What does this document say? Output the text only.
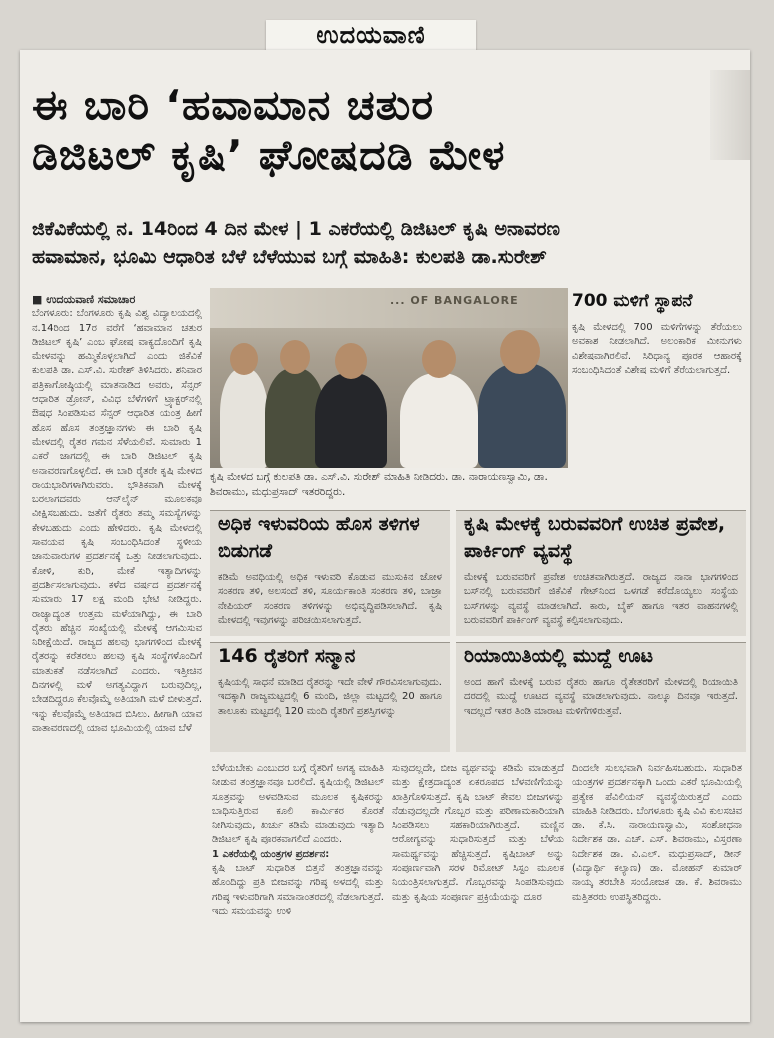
ಉದಯವಾಣಿ
ಈ ಬಾರಿ ‘ಹವಾಮಾನ ಚತುರ
ಡಿಜಿಟಲ್ ಕೃಷಿ’ ಘೋಷದಡಿ ಮೇಳ
ಜಿಕೆವಿಕೆಯಲ್ಲಿ ನ. 14ರಿಂದ 4 ದಿನ ಮೇಳ | 1 ಎಕರೆಯಲ್ಲಿ ಡಿಜಿಟಲ್ ಕೃಷಿ ಅನಾವರಣ
ಹವಾಮಾನ, ಭೂಮಿ ಆಧಾರಿತ ಬೆಳೆ ಬೆಳೆಯುವ ಬಗ್ಗೆ ಮಾಹಿತಿ: ಕುಲಪತಿ ಡಾ.ಸುರೇಶ್
■ ಉದಯವಾಣಿ ಸಮಾಚಾರ
ಬೆಂಗಳೂರು: ಬೆಂಗಳೂರು ಕೃಷಿ ವಿಶ್ವ ವಿದ್ಯಾಲಯದಲ್ಲಿ ನ.14ರಿಂದ 17ರ ವರೆಗೆ ‘ಹವಾಮಾನ ಚತುರ ಡಿಜಿಟಲ್ ಕೃಷಿ’ ಎಂಬ ಘೋಷ ವಾಕ್ಯದೊಂದಿಗೆ ಕೃಷಿ ಮೇಳವನ್ನು ಹಮ್ಮಿಕೊಳ್ಳಲಾಗಿದೆ ಎಂದು ಜಿಕೆವಿಕೆ ಕುಲಪತಿ ಡಾ. ಎಸ್.ವಿ. ಸುರೇಶ್ ತಿಳಿಸಿದರು. ಶನಿವಾರ ಪತ್ರಿಕಾಗೋಷ್ಠಿಯಲ್ಲಿ ಮಾತನಾಡಿದ ಅವರು, ಸೆನ್ಸರ್ ಆಧಾರಿತ ಡ್ರೋನ್, ವಿವಿಧ ಬೆಳೆಗಳಿಗೆ ಟ್ರ್ಯಾಕ್ಟರ್‌ನಲ್ಲಿ ಔಷಧ ಸಿಂಪಡಿಸುವ ಸೆನ್ಸರ್ ಆಧಾರಿತ ಯಂತ್ರ ಹೀಗೆ ಹೊಸ ಹೊಸ ತಂತ್ರಜ್ಞಾನಗಳು ಈ ಬಾರಿ ಕೃಷಿ ಮೇಳದಲ್ಲಿ ರೈತರ ಗಮನ ಸೆಳೆಯಲಿವೆ. ಸುಮಾರು 1 ಎಕರೆ ಜಾಗದಲ್ಲಿ ಈ ಬಾರಿ ಡಿಜಿಟಲ್ ಕೃಷಿ ಅನಾವರಣಗೊಳ್ಳಲಿದೆ. ಈ ಬಾರಿ ರೈತರೇ ಕೃಷಿ ಮೇಳದ ರಾಯಭಾರಿಗಳಾಗಿರುವರು. ಭೌತಿಕವಾಗಿ ಮೇಳಕ್ಕೆ ಬರಲಾಗದವರು ಆನ್‌ಲೈನ್ ಮೂಲಕವೂ ವೀಕ್ಷಿಸಬಹುದು. ಜತೆಗೆ ರೈತರು ತಮ್ಮ ಸಮಸ್ಯೆಗಳನ್ನು ಕೇಳಬಹುದು ಎಂದು ಹೇಳಿದರು. ಕೃಷಿ ಮೇಳದಲ್ಲಿ ಸಾವಯವ ಕೃಷಿ ಸಂಬಂಧಿಸಿದಂತೆ ಸ್ಥಳೀಯ ಜಾನುವಾರುಗಳ ಪ್ರದರ್ಶನಕ್ಕೆ ಒತ್ತು ನೀಡಲಾಗುವುದು. ಕೋಳಿ, ಕುರಿ, ಮೇಕೆ ಇತ್ಯಾದಿಗಳನ್ನು ಪ್ರದರ್ಶಿಸಲಾಗುವುದು. ಕಳೆದ ವರ್ಷದ ಪ್ರದರ್ಶನಕ್ಕೆ ಸುಮಾರು 17 ಲಕ್ಷ ಮಂದಿ ಭೇಟಿ ನೀಡಿದ್ದರು. ರಾಜ್ಯಾದ್ಯಂತ ಉತ್ತಮ ಮಳೆಯಾಗಿದ್ದು, ಈ ಬಾರಿ ರೈತರು ಹೆಚ್ಚಿನ ಸಂಖ್ಯೆಯಲ್ಲಿ ಮೇಳಕ್ಕೆ ಆಗಮಿಸುವ ನಿರೀಕ್ಷೆಯಿದೆ. ರಾಜ್ಯದ ಹಲವು ಭಾಗಗಳಿಂದ ಮೇಳಕ್ಕೆ ರೈತರನ್ನು ಕರೆತರಲು ಹಲವು ಕೃಷಿ ಸಂಸ್ಥೆಗಳೊಂದಿಗೆ ಮಾತುಕತೆ ನಡೆಸಲಾಗಿದೆ ಎಂದರು. ಇತ್ತೀಚಿನ ದಿನಗಳಲ್ಲಿ ಮಳೆ ಅಗತ್ಯವಿದ್ದಾಗ ಬರುವುದಿಲ್ಲ, ಬೇಡದಿದ್ದರೂ ಕೆಲವೊಮ್ಮೆ ಅತಿಯಾಗಿ ಮಳೆ ಬೀಳುತ್ತದೆ. ಇನ್ನು ಕೆಲವೊಮ್ಮೆ ಅತಿಯಾದ ಬಿಸಿಲು. ಹೀಗಾಗಿ ಯಾವ ವಾತಾವರಣದಲ್ಲಿ ಯಾವ ಭೂಮಿಯಲ್ಲಿ ಯಾವ ಬೆಳೆ
... OF BANGALORE
ಕೃಷಿ ಮೇಳದ ಬಗ್ಗೆ ಕುಲಪತಿ ಡಾ. ಎಸ್.ವಿ. ಸುರೇಶ್ ಮಾಹಿತಿ ನೀಡಿದರು. ಡಾ. ನಾರಾಯಣಸ್ವಾಮಿ, ಡಾ. ಶಿವರಾಮು, ಮಧುಪ್ರಸಾದ್ ಇತರರಿದ್ದರು.
700 ಮಳಿಗೆ ಸ್ಥಾಪನೆ
ಕೃಷಿ ಮೇಳದಲ್ಲಿ 700 ಮಳಿಗೆಗಳನ್ನು ತೆರೆಯಲು ಅವಕಾಶ ನೀಡಲಾಗಿದೆ. ಅಲಂಕಾರಿಕ ಮೀನುಗಳು ವಿಶೇಷವಾಗಿರಲಿವೆ. ಸಿರಿಧಾನ್ಯ ಪೂರಕ ಆಹಾರಕ್ಕೆ ಸಂಬಂಧಿಸಿದಂತೆ ವಿಶೇಷ ಮಳಿಗೆ ತೆರೆಯಲಾಗುತ್ತದೆ.
ಅಧಿಕ ಇಳುವರಿಯ ಹೊಸ ತಳಿಗಳ ಬಿಡುಗಡೆ
ಕಡಿಮೆ ಅವಧಿಯಲ್ಲಿ ಅಧಿಕ ಇಳುವರಿ ಕೊಡುವ ಮುಸುಕಿನ ಜೋಳ ಸಂಕರಣ ತಳಿ, ಅಲಸಂದೆ ತಳಿ, ಸೂರ್ಯಕಾಂತಿ ಸಂಕರಣ ತಳಿ, ಬಾಜ್ರಾ ನೇಪಿಯರ್ ಸಂಕರಣ ತಳಿಗಳನ್ನು ಅಭಿವೃದ್ಧಿಪಡಿಸಲಾಗಿದೆ. ಕೃಷಿ ಮೇಳದಲ್ಲಿ ಇವುಗಳನ್ನು ಪರಿಚಯಿಸಲಾಗುತ್ತದೆ.
ಕೃಷಿ ಮೇಳಕ್ಕೆ ಬರುವವರಿಗೆ ಉಚಿತ ಪ್ರವೇಶ, ಪಾರ್ಕಿಂಗ್ ವ್ಯವಸ್ಥೆ
ಮೇಳಕ್ಕೆ ಬರುವವರಿಗೆ ಪ್ರವೇಶ ಉಚಿತವಾಗಿರುತ್ತದೆ. ರಾಜ್ಯದ ನಾನಾ ಭಾಗಗಳಿಂದ ಬಸ್‌ನಲ್ಲಿ ಬರುವವರಿಗೆ ಜಿಕೆವಿಕೆ ಗೇಟ್‌ನಿಂದ ಒಳಗಡೆ ಕರೆದೊಯ್ಯಲು ಸಂಸ್ಥೆಯ ಬಸ್‌ಗಳನ್ನು ವ್ಯವಸ್ಥೆ ಮಾಡಲಾಗಿದೆ. ಕಾರು, ಬೈಕ್ ಹಾಗೂ ಇತರ ವಾಹನಗಳಲ್ಲಿ ಬರುವವರಿಗೆ ಪಾರ್ಕಿಂಗ್ ವ್ಯವಸ್ಥೆ ಕಲ್ಪಿಸಲಾಗುವುದು.
146 ರೈತರಿಗೆ ಸನ್ಮಾನ
ಕೃಷಿಯಲ್ಲಿ ಸಾಧನೆ ಮಾಡಿದ ರೈತರನ್ನು ಇದೇ ವೇಳೆ ಗೌರವಿಸಲಾಗುವುದು. ಇದಕ್ಕಾಗಿ ರಾಜ್ಯಮಟ್ಟದಲ್ಲಿ 6 ಮಂದಿ, ಜಿಲ್ಲಾ ಮಟ್ಟದಲ್ಲಿ 20 ಹಾಗೂ ತಾಲೂಕು ಮಟ್ಟದಲ್ಲಿ 120 ಮಂದಿ ರೈತರಿಗೆ ಪ್ರಶಸ್ತಿಗಳನ್ನು
ರಿಯಾಯಿತಿಯಲ್ಲಿ ಮುದ್ದೆ ಊಟ
ಅಂದ ಹಾಗೆ ಮೇಳಕ್ಕೆ ಬರುವ ರೈತರು ಹಾಗೂ ರೈತೇತರರಿಗೆ ಮೇಳದಲ್ಲಿ ರಿಯಾಯಿತಿ ದರದಲ್ಲಿ ಮುದ್ದೆ ಊಟದ ವ್ಯವಸ್ಥೆ ಮಾಡಲಾಗುವುದು. ನಾಲ್ಕೂ ದಿನವೂ ಇರುತ್ತದೆ. ಇದಲ್ಲದೆ ಇತರ ತಿಂಡಿ ಮಾರಾಟ ಮಳಿಗೆಗಳಿರುತ್ತವೆ.
ಬೆಳೆಯಬೇಕು ಎಂಬುದರ ಬಗ್ಗೆ ರೈತರಿಗೆ ಅಗತ್ಯ ಮಾಹಿತಿ ನೀಡುವ ತಂತ್ರಜ್ಞಾನವೂ ಬರಲಿದೆ. ಕೃಷಿಯಲ್ಲಿ ಡಿಜಿಟಲ್ ಸೂತ್ರವನ್ನು ಅಳವಡಿಸುವ ಮೂಲಕ ಕೃಷಿಕರನ್ನು ಬಾಧಿಸುತ್ತಿರುವ ಕೂಲಿ ಕಾರ್ಮಿಕರ ಕೊರತೆ ನೀಗಿಸುವುದು, ಖರ್ಚು ಕಡಿಮೆ ಮಾಡುವುದು ಇತ್ಯಾದಿ ಡಿಜಿಟಲ್ ಕೃಷಿ ಪೂರಕವಾಗಲಿದೆ ಎಂದರು.
1 ಎಕರೆಯಲ್ಲಿ ಯಂತ್ರಗಳ ಪ್ರದರ್ಶನ:
ಕೃಷಿ ಬಾಟ್ ಸುಧಾರಿತ ಬಿತ್ತನೆ ತಂತ್ರಜ್ಞಾನವನ್ನು ಹೊಂದಿದ್ದು ಪ್ರತಿ ಬೀಜವನ್ನು ಗರಿಷ್ಠ ಅಳದಲ್ಲಿ ಮತ್ತು ಗರಿಷ್ಠ ಇಳುವರಿಗಾಗಿ ಸಮಾನಾಂತರದಲ್ಲಿ ನೆಡಲಾಗುತ್ತದೆ. ಇದು ಸಮಯವನ್ನು ಉಳಿ
ಸುವುದಲ್ಲದೇ, ಬೀಜ ವ್ಯರ್ಥವನ್ನು ಕಡಿಮೆ ಮಾಡುತ್ತದೆ ಮತ್ತು ಕ್ಷೇತ್ರದಾದ್ಯಂತ ಏಕರೂಪದ ಬೆಳವಣಿಗೆಯನ್ನು ಖಾತ್ರಿಗೊಳಿಸುತ್ತದೆ. ಕೃಷಿ ಬಾಟ್ ಕೇವಲ ಬೀಜಗಳನ್ನು ನೆಡುವುದಲ್ಲದೇ ಗೊಬ್ಬರ ಮತ್ತು ಪರಿಣಾಮಕಾರಿಯಾಗಿ ಸಿಂಪಡಿಸಲು ಸಹಕಾರಿಯಾಗಿರುತ್ತದೆ. ಮಣ್ಣಿನ ಆರೋಗ್ಯವನ್ನು ಸುಧಾರಿಸುತ್ತದೆ ಮತ್ತು ಬೆಳೆಯ ಸಾಮರ್ಥ್ಯವನ್ನು ಹೆಚ್ಚಿಸುತ್ತದೆ. ಕೃಷಿಬಾಟ್ ಅನ್ನು ಸಂಪೂರ್ಣವಾಗಿ ಸರಳ ರಿಮೋಟ್ ಸಿಸ್ಟಂ ಮೂಲಕ ನಿಯಂತ್ರಿಸಲಾಗುತ್ತದೆ. ಗೊಬ್ಬರವನ್ನು ಸಿಂಪಡಿಸುವುದು ಮತ್ತು ಕೃಷಿಯ ಸಂಪೂರ್ಣ ಪ್ರಕ್ರಿಯೆಯನ್ನು ದೂರ
ದಿಂದಲೇ ಸುಲಭವಾಗಿ ನಿರ್ವಹಿಸಬಹುದು. ಸುಧಾರಿತ ಯಂತ್ರಗಳ ಪ್ರದರ್ಶನಕ್ಕಾಗಿ ಒಂದು ಎಕರೆ ಭೂಮಿಯಲ್ಲಿ ಪ್ರತ್ಯೇಕ ಪೆವಿಲಿಯನ್ ವ್ಯವಸ್ಥೆಯಿರುತ್ತದೆ ಎಂದು ಮಾಹಿತಿ ನೀಡಿದರು. ಬೆಂಗಳೂರು ಕೃಷಿ ವಿವಿ ಕುಲಸಚಿವ ಡಾ. ಕೆ.ಸಿ. ನಾರಾಯಣಸ್ವಾಮಿ, ಸಂಶೋಧನಾ ನಿರ್ದೇಶಕ ಡಾ. ಎಚ್. ಎಸ್. ಶಿವರಾಮು, ವಿಸ್ತರಣಾ ನಿರ್ದೇಶಕ ಡಾ. ವಿ.ಎಲ್. ಮಧುಪ್ರಸಾದ್, ಡೀನ್ (ವಿದ್ಯಾರ್ಥಿ ಕಲ್ಯಾಣ) ಡಾ. ಮೋಹನ್ ಕುಮಾರ್ ನಾಯ್ಕ ತರಬೇತಿ ಸಂಯೋಜಕ ಡಾ. ಕೆ. ಶಿವರಾಮು ಮತ್ತಿತರರು ಉಪಸ್ಥಿತರಿದ್ದರು.
